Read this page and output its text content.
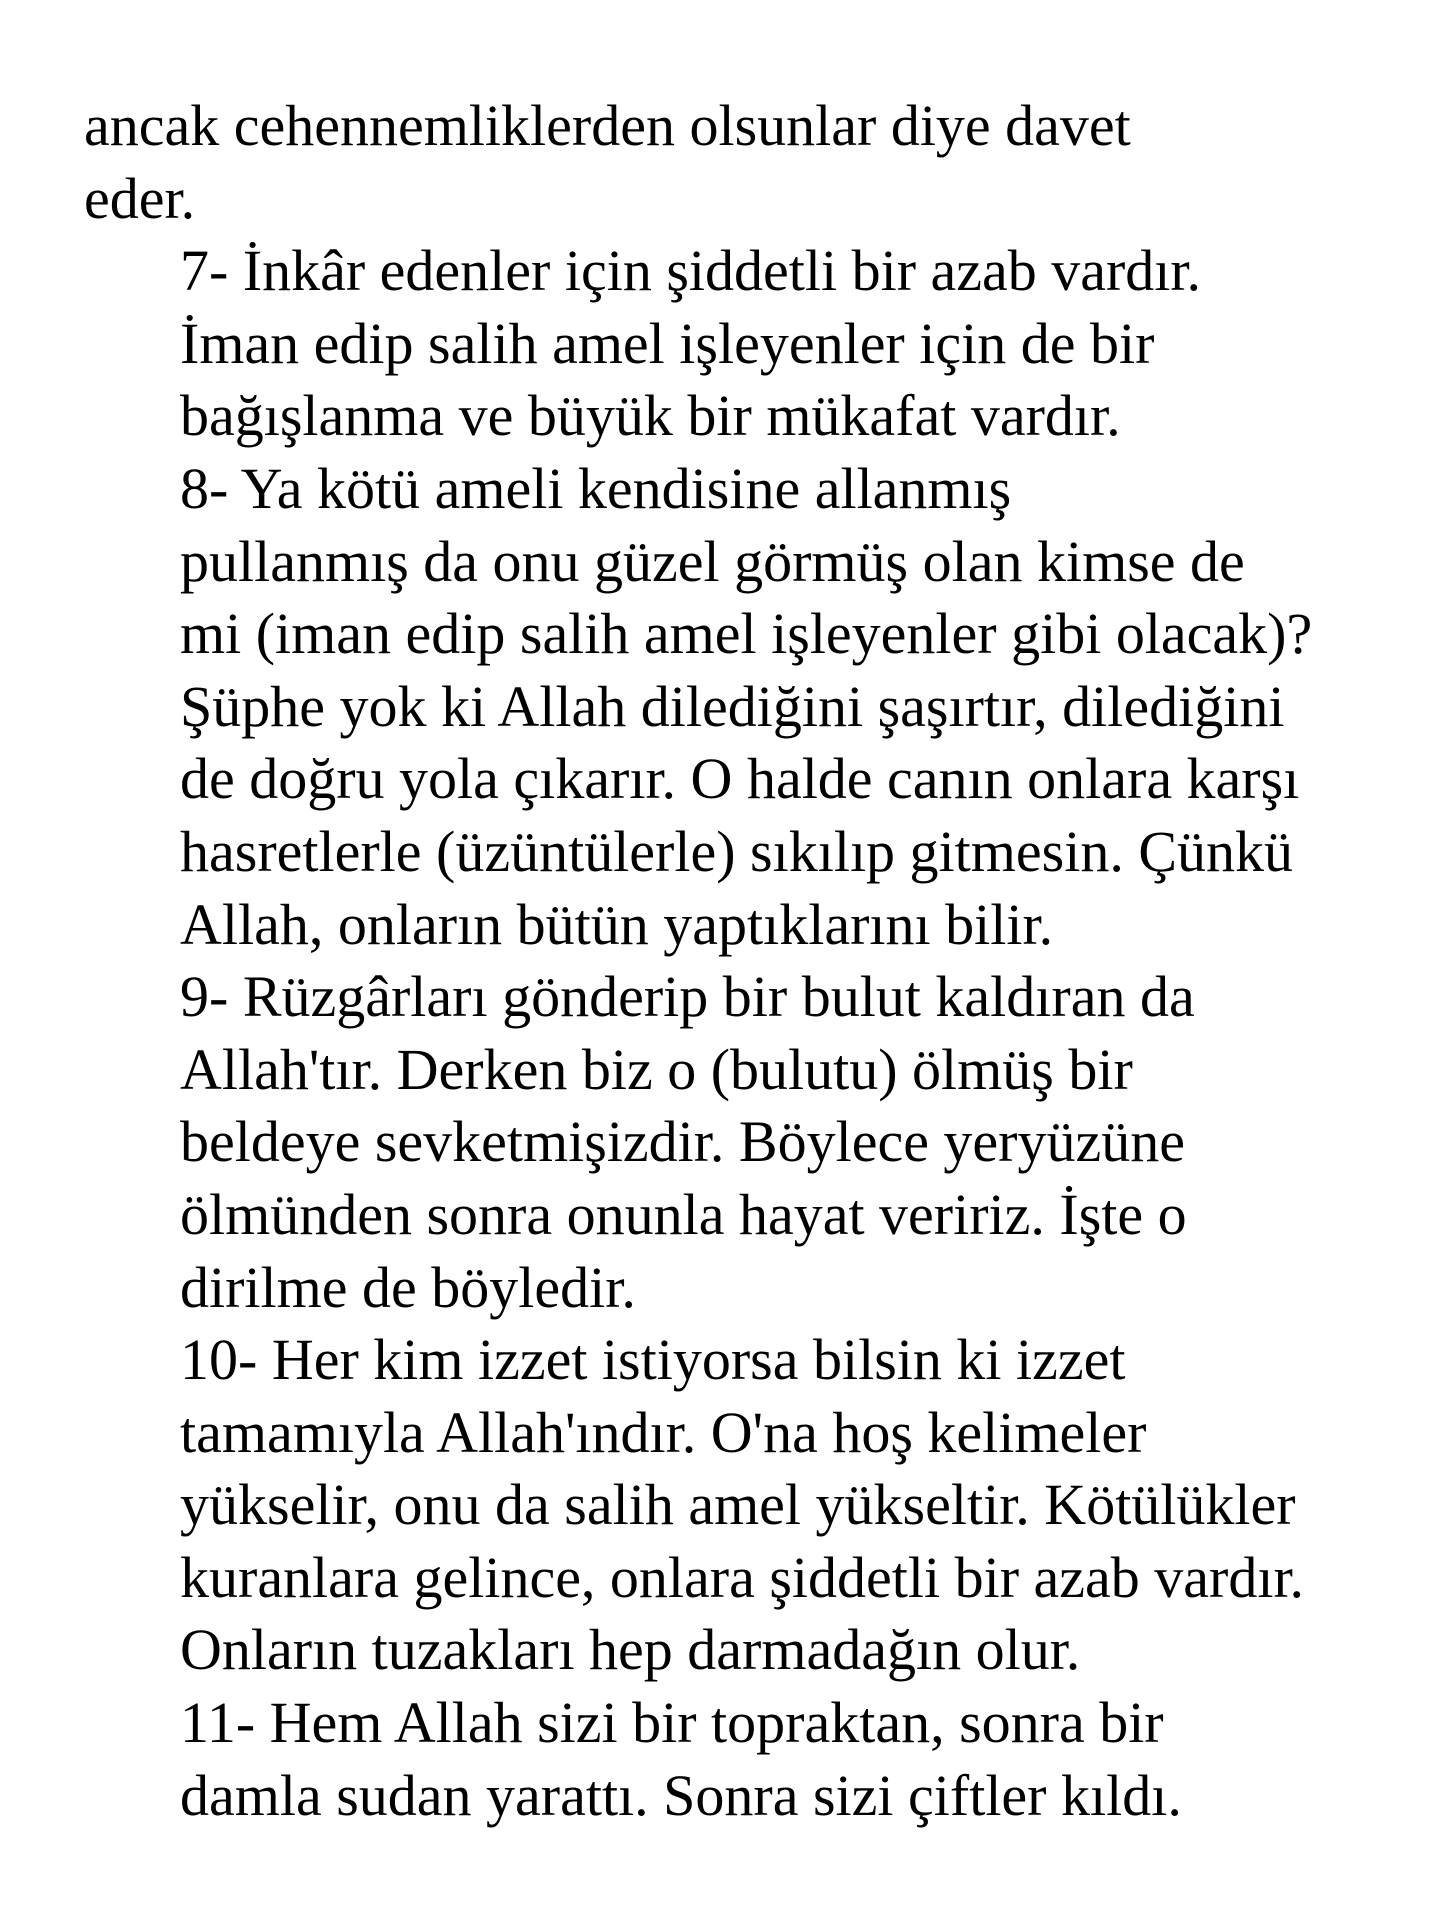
ancak cehennemliklerden olsunlar diye davet
eder.

7- İnkâr edenler için şiddetli bir azab vardır.
İman edip salih amel işleyenler için de bir
bağışlanma ve büyük bir mükafat vardır.

8- Ya kötü ameli kendisine allanmış
pullanmış da onu güzel görmüş olan kimse de
mi (iman edip salih amel işleyenler gibi olacak)?
Şüphe yok ki Allah dilediğini şaşırtır, dilediğini
de doğru yola çıkarır. O halde canın onlara karşı
hasretlerle (üzüntülerle) sıkılıp gitmesin. Çünkü
Allah, onların bütün yaptıklarını bilir.

9- Rüzgârları gönderip bir bulut kaldıran da
Allah'tır. Derken biz o (bulutu) ölmüş bir
beldeye sevketmişizdir. Böylece yeryüzüne
ölmünden sonra onunla hayat veririz. İşte o
dirilme de böyledir.

10- Her kim izzet istiyorsa bilsin ki izzet
tamamıyla Allah'ındır. O'na hoş kelimeler
yükselir, onu da salih amel yükseltir. Kötülükler
kuranlara gelince, onlara şiddetli bir azab vardır.
Onların tuzakları hep darmadağın olur.

11- Hem Allah sizi bir topraktan, sonra bir
damla sudan yarattı. Sonra sizi çiftler kıldı.
